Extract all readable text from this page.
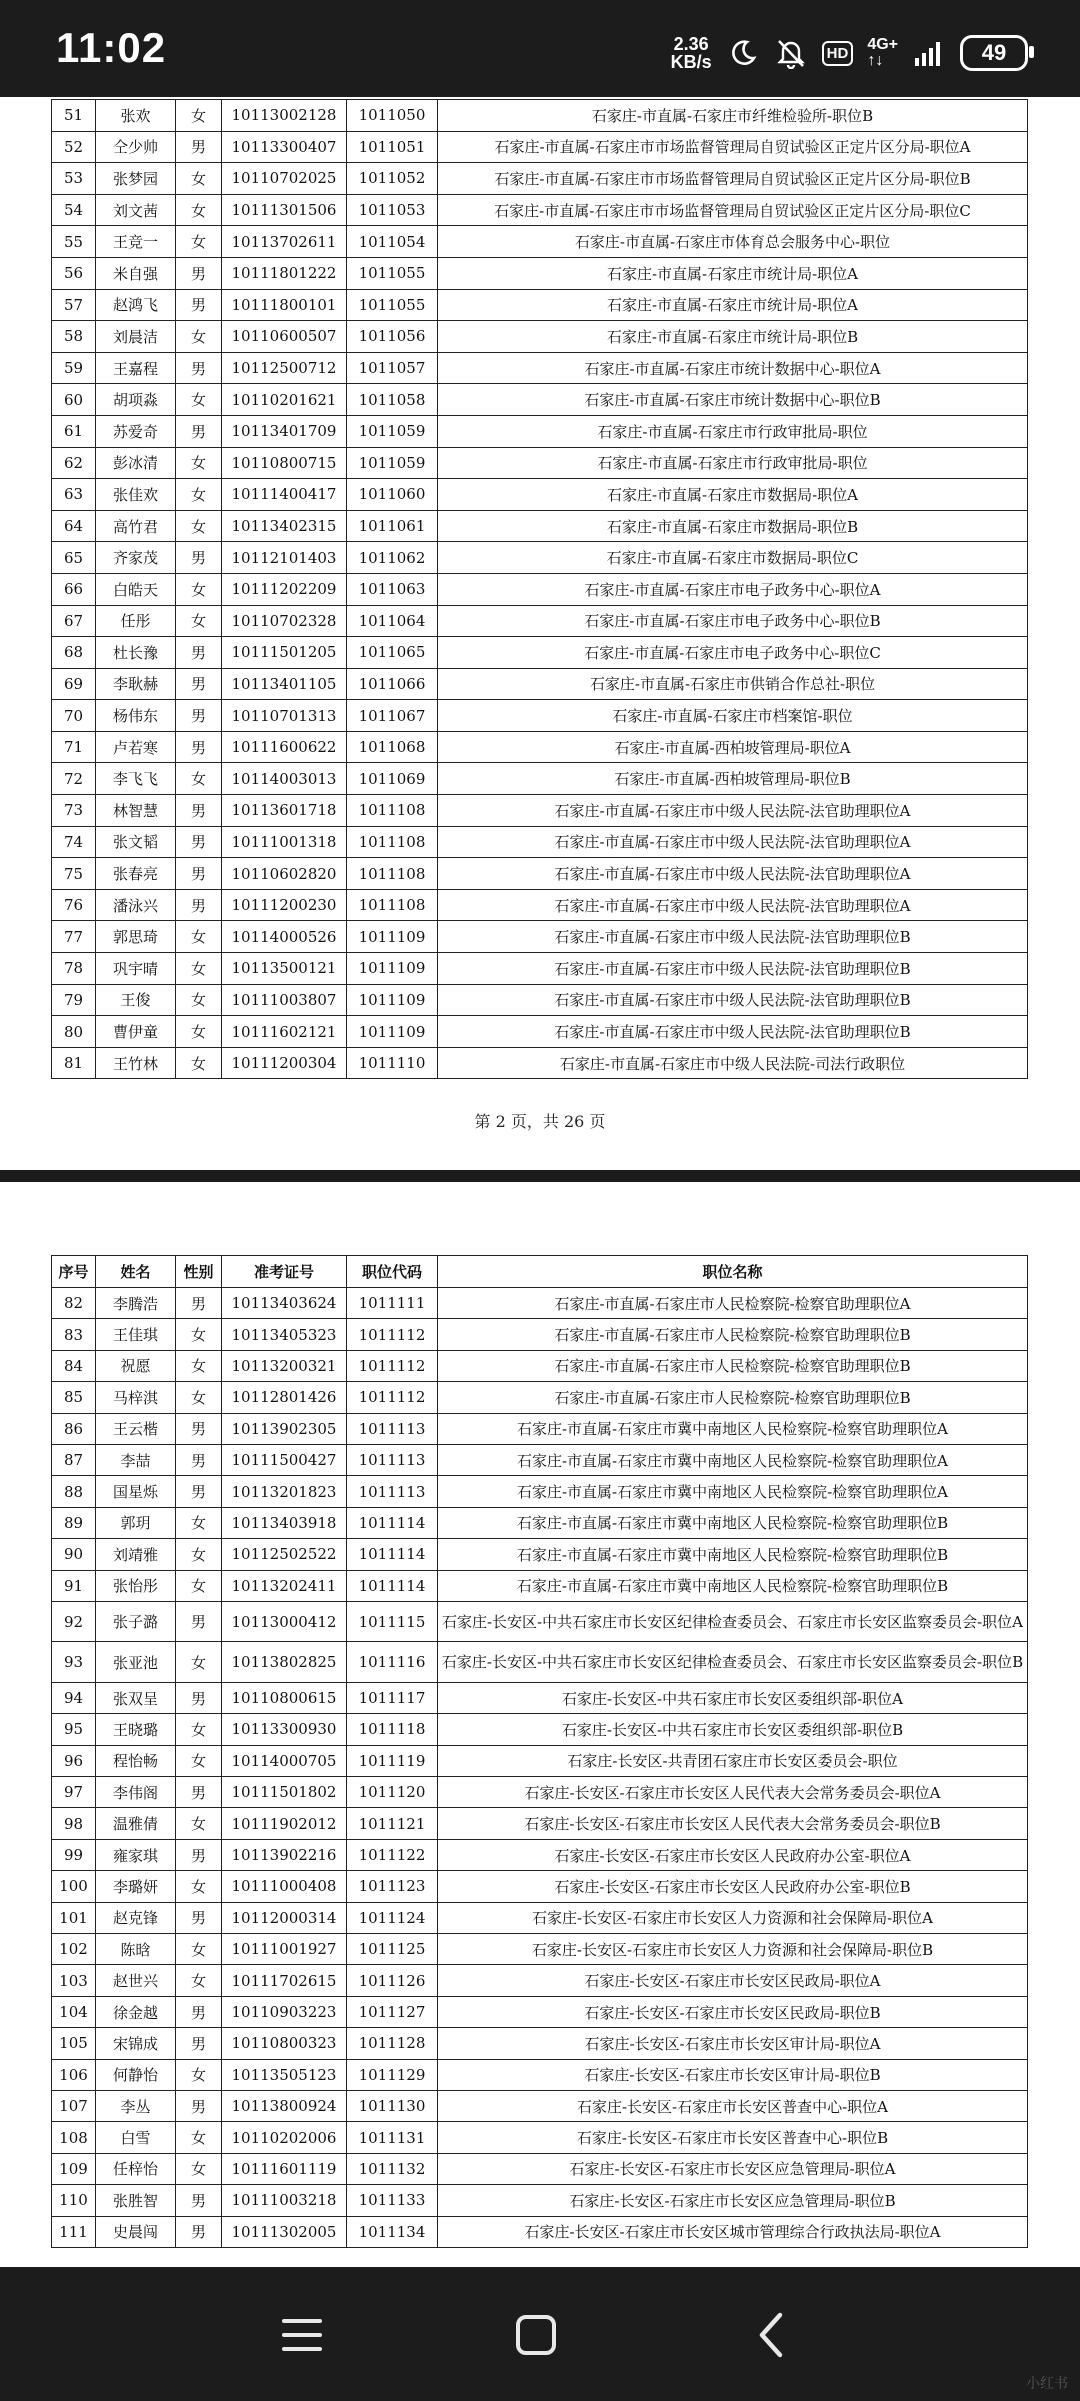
11:02	2.36
KB/s	HD	4G+
↑↓	49
51	张欢	女	10113002128	1011050	石家庄-市直属-石家庄市纤维检验所-职位B
52	仝少帅	男	10113300407	1011051	石家庄-市直属-石家庄市市场监督管理局自贸试验区正定片区分局-职位A
53	张梦园	女	10110702025	1011052	石家庄-市直属-石家庄市市场监督管理局自贸试验区正定片区分局-职位B
54	刘文茜	女	10111301506	1011053	石家庄-市直属-石家庄市市场监督管理局自贸试验区正定片区分局-职位C
55	王竞一	女	10113702611	1011054	石家庄-市直属-石家庄市体育总会服务中心-职位
56	米自强	男	10111801222	1011055	石家庄-市直属-石家庄市统计局-职位A
57	赵鸿飞	男	10111800101	1011055	石家庄-市直属-石家庄市统计局-职位A
58	刘晨洁	女	10110600507	1011056	石家庄-市直属-石家庄市统计局-职位B
59	王嘉程	男	10112500712	1011057	石家庄-市直属-石家庄市统计数据中心-职位A
60	胡项淼	女	10110201621	1011058	石家庄-市直属-石家庄市统计数据中心-职位B
61	苏爱奇	男	10113401709	1011059	石家庄-市直属-石家庄市行政审批局-职位
62	彭冰清	女	10110800715	1011059	石家庄-市直属-石家庄市行政审批局-职位
63	张佳欢	女	10111400417	1011060	石家庄-市直属-石家庄市数据局-职位A
64	高竹君	女	10113402315	1011061	石家庄-市直属-石家庄市数据局-职位B
65	齐家茂	男	10112101403	1011062	石家庄-市直属-石家庄市数据局-职位C
66	白皓天	女	10111202209	1011063	石家庄-市直属-石家庄市电子政务中心-职位A
67	任彤	女	10110702328	1011064	石家庄-市直属-石家庄市电子政务中心-职位B
68	杜长豫	男	10111501205	1011065	石家庄-市直属-石家庄市电子政务中心-职位C
69	李耿赫	男	10113401105	1011066	石家庄-市直属-石家庄市供销合作总社-职位
70	杨伟东	男	10110701313	1011067	石家庄-市直属-石家庄市档案馆-职位
71	卢若寒	男	10111600622	1011068	石家庄-市直属-西柏坡管理局-职位A
72	李飞飞	女	10114003013	1011069	石家庄-市直属-西柏坡管理局-职位B
73	林智慧	男	10113601718	1011108	石家庄-市直属-石家庄市中级人民法院-法官助理职位A
74	张文韬	男	10111001318	1011108	石家庄-市直属-石家庄市中级人民法院-法官助理职位A
75	张春亮	男	10110602820	1011108	石家庄-市直属-石家庄市中级人民法院-法官助理职位A
76	潘泳兴	男	10111200230	1011108	石家庄-市直属-石家庄市中级人民法院-法官助理职位A
77	郭思琦	女	10114000526	1011109	石家庄-市直属-石家庄市中级人民法院-法官助理职位B
78	巩宇晴	女	10113500121	1011109	石家庄-市直属-石家庄市中级人民法院-法官助理职位B
79	王俊	女	10111003807	1011109	石家庄-市直属-石家庄市中级人民法院-法官助理职位B
80	曹伊童	女	10111602121	1011109	石家庄-市直属-石家庄市中级人民法院-法官助理职位B
81	王竹林	女	10111200304	1011110	石家庄-市直属-石家庄市中级人民法院-司法行政职位
第 2 页，共 26 页
序号	姓名	性别	准考证号	职位代码	职位名称
82	李腾浩	男	10113403624	1011111	石家庄-市直属-石家庄市人民检察院-检察官助理职位A
83	王佳琪	女	10113405323	1011112	石家庄-市直属-石家庄市人民检察院-检察官助理职位B
84	祝愿	女	10113200321	1011112	石家庄-市直属-石家庄市人民检察院-检察官助理职位B
85	马梓淇	女	10112801426	1011112	石家庄-市直属-石家庄市人民检察院-检察官助理职位B
86	王云楷	男	10113902305	1011113	石家庄-市直属-石家庄市冀中南地区人民检察院-检察官助理职位A
87	李喆	男	10111500427	1011113	石家庄-市直属-石家庄市冀中南地区人民检察院-检察官助理职位A
88	国星烁	男	10113201823	1011113	石家庄-市直属-石家庄市冀中南地区人民检察院-检察官助理职位A
89	郭玥	女	10113403918	1011114	石家庄-市直属-石家庄市冀中南地区人民检察院-检察官助理职位B
90	刘靖雅	女	10112502522	1011114	石家庄-市直属-石家庄市冀中南地区人民检察院-检察官助理职位B
91	张怡彤	女	10113202411	1011114	石家庄-市直属-石家庄市冀中南地区人民检察院-检察官助理职位B
92	张子潞	男	10113000412	1011115	石家庄-长安区-中共石家庄市长安区纪律检查委员会、石家庄市长安区监察委员会-职位A
93	张亚池	女	10113802825	1011116	石家庄-长安区-中共石家庄市长安区纪律检查委员会、石家庄市长安区监察委员会-职位B
94	张双呈	男	10110800615	1011117	石家庄-长安区-中共石家庄市长安区委组织部-职位A
95	王晓璐	女	10113300930	1011118	石家庄-长安区-中共石家庄市长安区委组织部-职位B
96	程怡畅	女	10114000705	1011119	石家庄-长安区-共青团石家庄市长安区委员会-职位
97	李伟阁	男	10111501802	1011120	石家庄-长安区-石家庄市长安区人民代表大会常务委员会-职位A
98	温雅倩	女	10111902012	1011121	石家庄-长安区-石家庄市长安区人民代表大会常务委员会-职位B
99	雍家琪	男	10113902216	1011122	石家庄-长安区-石家庄市长安区人民政府办公室-职位A
100	李璐妍	女	10111000408	1011123	石家庄-长安区-石家庄市长安区人民政府办公室-职位B
101	赵克锋	男	10112000314	1011124	石家庄-长安区-石家庄市长安区人力资源和社会保障局-职位A
102	陈晗	女	10111001927	1011125	石家庄-长安区-石家庄市长安区人力资源和社会保障局-职位B
103	赵世兴	女	10111702615	1011126	石家庄-长安区-石家庄市长安区民政局-职位A
104	徐金越	男	10110903223	1011127	石家庄-长安区-石家庄市长安区民政局-职位B
105	宋锦成	男	10110800323	1011128	石家庄-长安区-石家庄市长安区审计局-职位A
106	何静怡	女	10113505123	1011129	石家庄-长安区-石家庄市长安区审计局-职位B
107	李丛	男	10113800924	1011130	石家庄-长安区-石家庄市长安区普查中心-职位A
108	白雪	女	10110202006	1011131	石家庄-长安区-石家庄市长安区普查中心-职位B
109	任梓怡	女	10111601119	1011132	石家庄-长安区-石家庄市长安区应急管理局-职位A
110	张胜智	男	10111003218	1011133	石家庄-长安区-石家庄市长安区应急管理局-职位B
111	史晨闯	男	10111302005	1011134	石家庄-长安区-石家庄市长安区城市管理综合行政执法局-职位A
小红书
